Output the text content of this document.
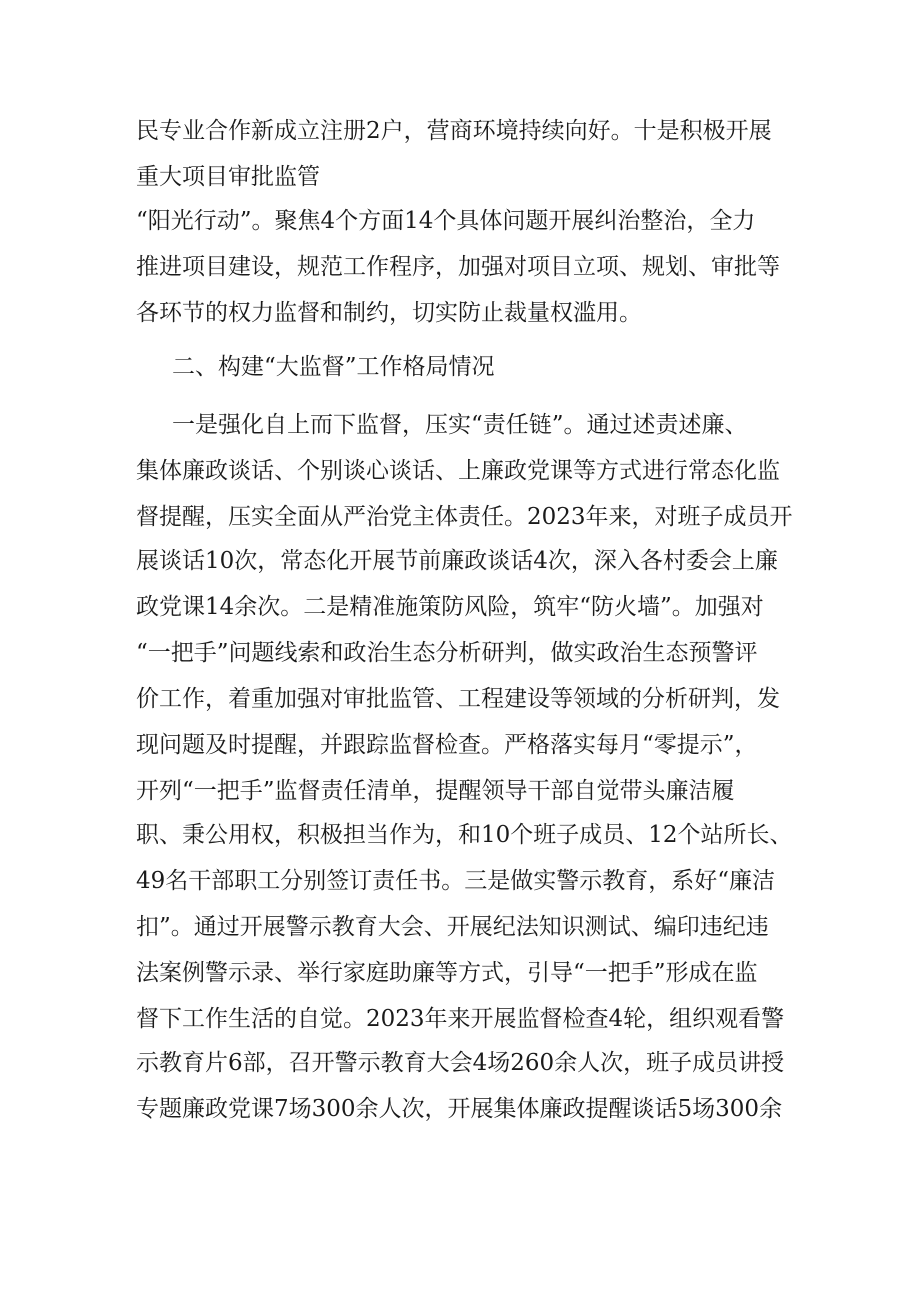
民专业合作新成立注册2户，营商环境持续向好。十是积极开展
重大项目审批监管
“阳光行动”。聚焦4个方面14个具体问题开展纠治整治，全力
推进项目建设，规范工作程序，加强对项目立项、规划、审批等
各环节的权力监督和制约，切实防止裁量权滥用。
二、构建“大监督”工作格局情况
一是强化自上而下监督，压实“责任链”。通过述责述廉、
集体廉政谈话、个别谈心谈话、上廉政党课等方式进行常态化监
督提醒，压实全面从严治党主体责任。2023年来，对班子成员开
展谈话10次，常态化开展节前廉政谈话4次，深入各村委会上廉
政党课14余次。二是精准施策防风险，筑牢“防火墙”。加强对
“一把手”问题线索和政治生态分析研判，做实政治生态预警评
价工作，着重加强对审批监管、工程建设等领域的分析研判，发
现问题及时提醒，并跟踪监督检查。严格落实每月“零提示”，
开列“一把手”监督责任清单，提醒领导干部自觉带头廉洁履
职、秉公用权，积极担当作为，和10个班子成员、12个站所长、
49名干部职工分别签订责任书。三是做实警示教育，系好“廉洁
扣”。通过开展警示教育大会、开展纪法知识测试、编印违纪违
法案例警示录、举行家庭助廉等方式，引导“一把手”形成在监
督下工作生活的自觉。2023年来开展监督检查4轮，组织观看警
示教育片6部，召开警示教育大会4场260余人次，班子成员讲授
专题廉政党课7场300余人次，开展集体廉政提醒谈话5场300余
